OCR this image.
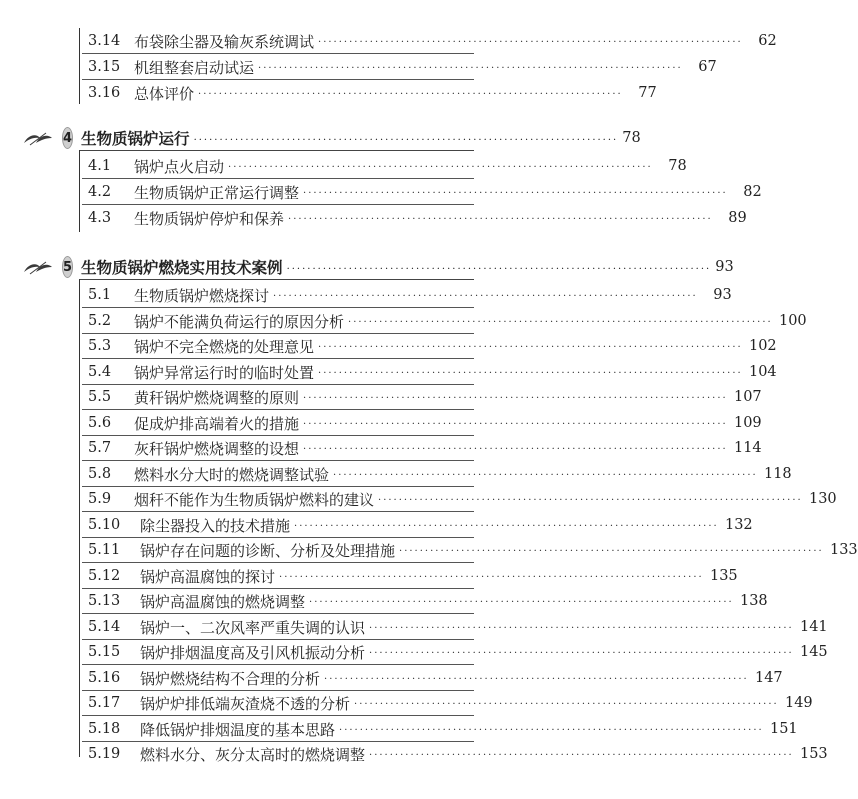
3.14 布袋除尘器及输灰系统调试 ··················································································	62
3.15 机组整套启动试运 ··················································································	67
3.16 总体评价 ··················································································	77
4 生物质锅炉运行 ·················································································· 78
4.1	锅炉点火启动 ··················································································	78
4.2	生物质锅炉正常运行调整 ··················································································	82
4.3	生物质锅炉停炉和保养 ··················································································	89
5 生物质锅炉燃烧实用技术案例 ·················································································· 93
5.1	生物质锅炉燃烧探讨 ··················································································	93
5.2	锅炉不能满负荷运行的原因分析 ·················································································· 100
5.3	锅炉不完全燃烧的处理意见 ·················································································· 102
5.4	锅炉异常运行时的临时处置 ·················································································· 104
5.5	黄秆锅炉燃烧调整的原则 ·················································································· 107
5.6	促成炉排高端着火的措施 ·················································································· 109
5.7	灰秆锅炉燃烧调整的设想 ·················································································· 114
5.8	燃料水分大时的燃烧调整试验 ·················································································· 118
5.9	烟秆不能作为生物质锅炉燃料的建议 ·················································································· 130
5.10	除尘器投入的技术措施 ·················································································· 132
5.11	锅炉存在问题的诊断、分析及处理措施 ·················································································· 133
5.12	锅炉高温腐蚀的探讨 ·················································································· 135
5.13	锅炉高温腐蚀的燃烧调整 ·················································································· 138
5.14	锅炉一、二次风率严重失调的认识 ·················································································· 141
5.15	锅炉排烟温度高及引风机振动分析 ·················································································· 145
5.16	锅炉燃烧结构不合理的分析 ·················································································· 147
5.17	锅炉炉排低端灰渣烧不透的分析 ·················································································· 149
5.18	降低锅炉排烟温度的基本思路 ·················································································· 151
5.19	燃料水分、灰分太高时的燃烧调整 ·················································································· 153
